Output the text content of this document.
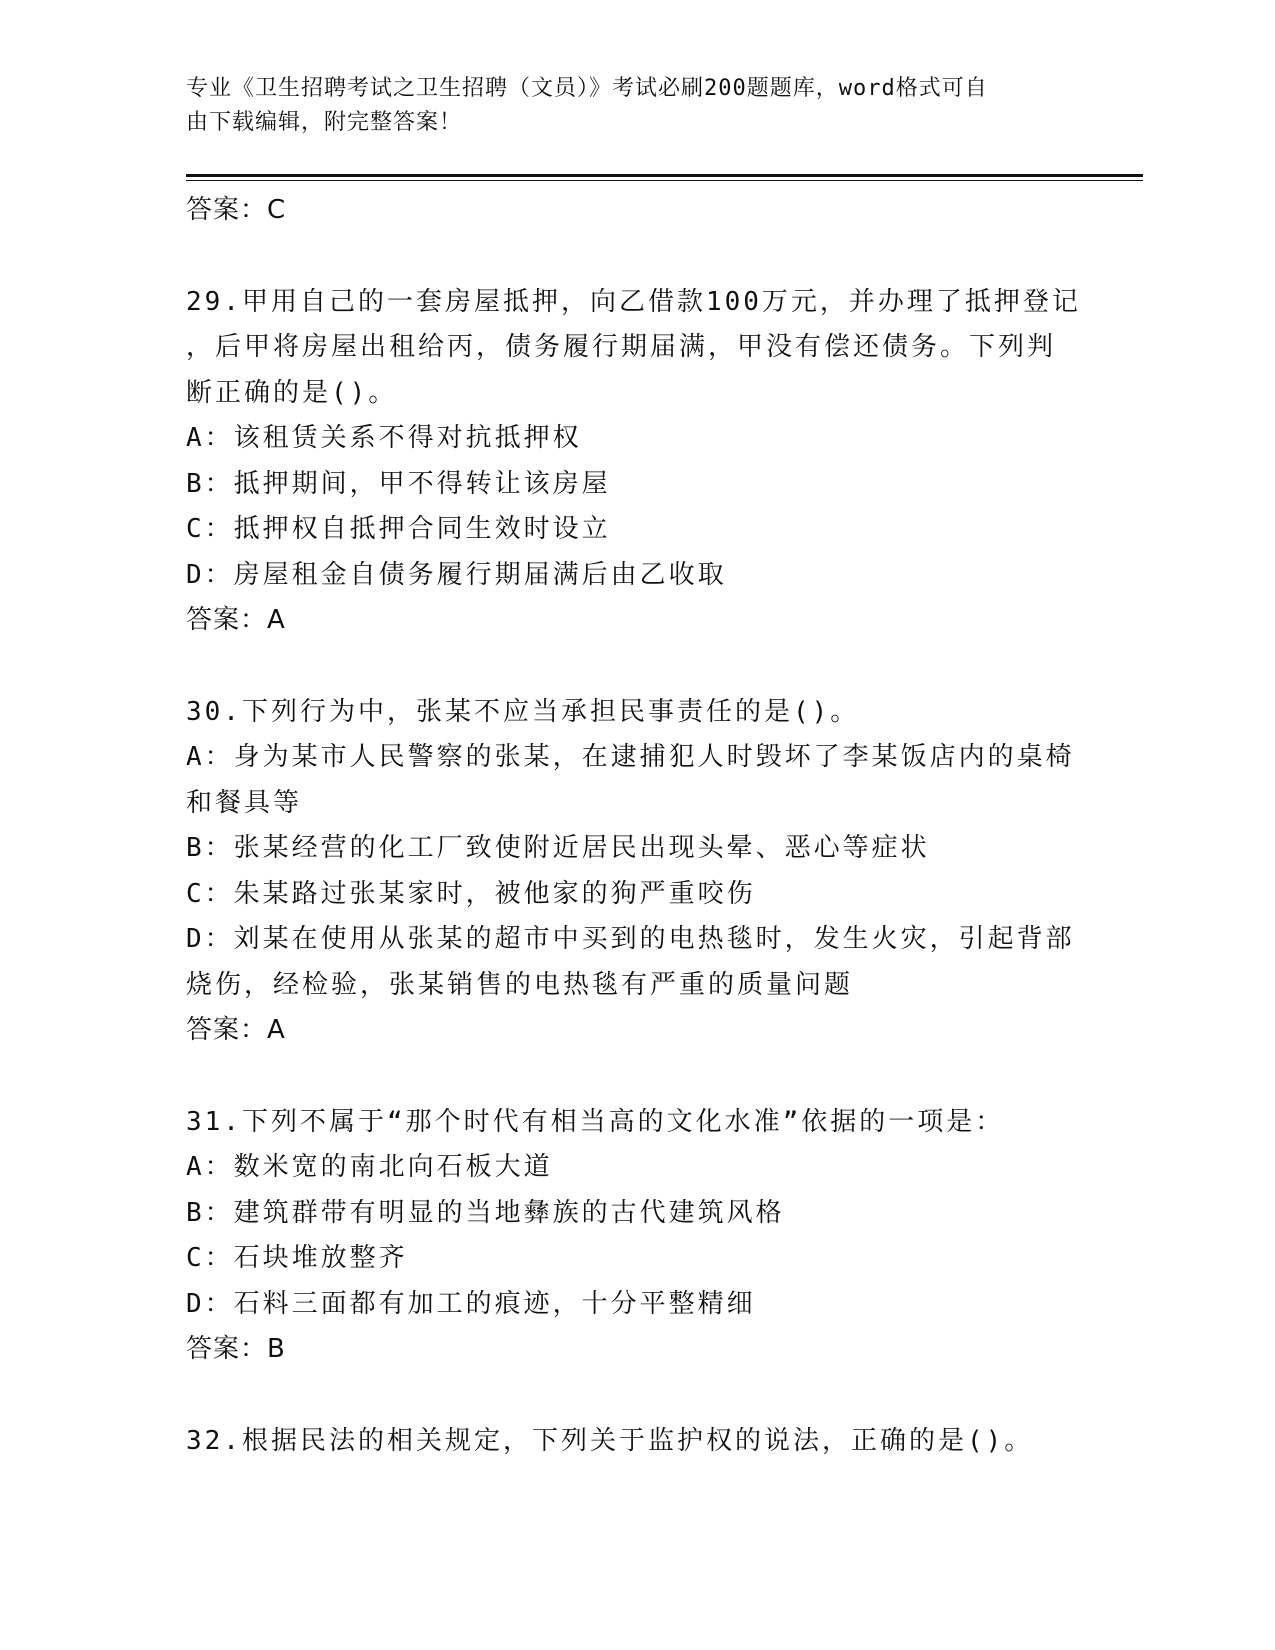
专业《卫生招聘考试之卫生招聘（文员）》考试必刷200题题库，word格式可自
由下载编辑，附完整答案！
答案：C
29.甲用自己的一套房屋抵押，向乙借款100万元，并办理了抵押登记
，后甲将房屋出租给丙，债务履行期届满，甲没有偿还债务。下列判
断正确的是()。
A：该租赁关系不得对抗抵押权
B：抵押期间，甲不得转让该房屋
C：抵押权自抵押合同生效时设立
D：房屋租金自债务履行期届满后由乙收取
答案：A
30.下列行为中，张某不应当承担民事责任的是()。
A：身为某市人民警察的张某，在逮捕犯人时毁坏了李某饭店内的桌椅
和餐具等
B：张某经营的化工厂致使附近居民出现头晕、恶心等症状
C：朱某路过张某家时，被他家的狗严重咬伤
D：刘某在使用从张某的超市中买到的电热毯时，发生火灾，引起背部
烧伤，经检验，张某销售的电热毯有严重的质量问题
答案：A
31.下列不属于“那个时代有相当高的文化水准”依据的一项是：
A：数米宽的南北向石板大道
B：建筑群带有明显的当地彝族的古代建筑风格
C：石块堆放整齐
D：石料三面都有加工的痕迹，十分平整精细
答案：B
32.根据民法的相关规定，下列关于监护权的说法，正确的是()。
